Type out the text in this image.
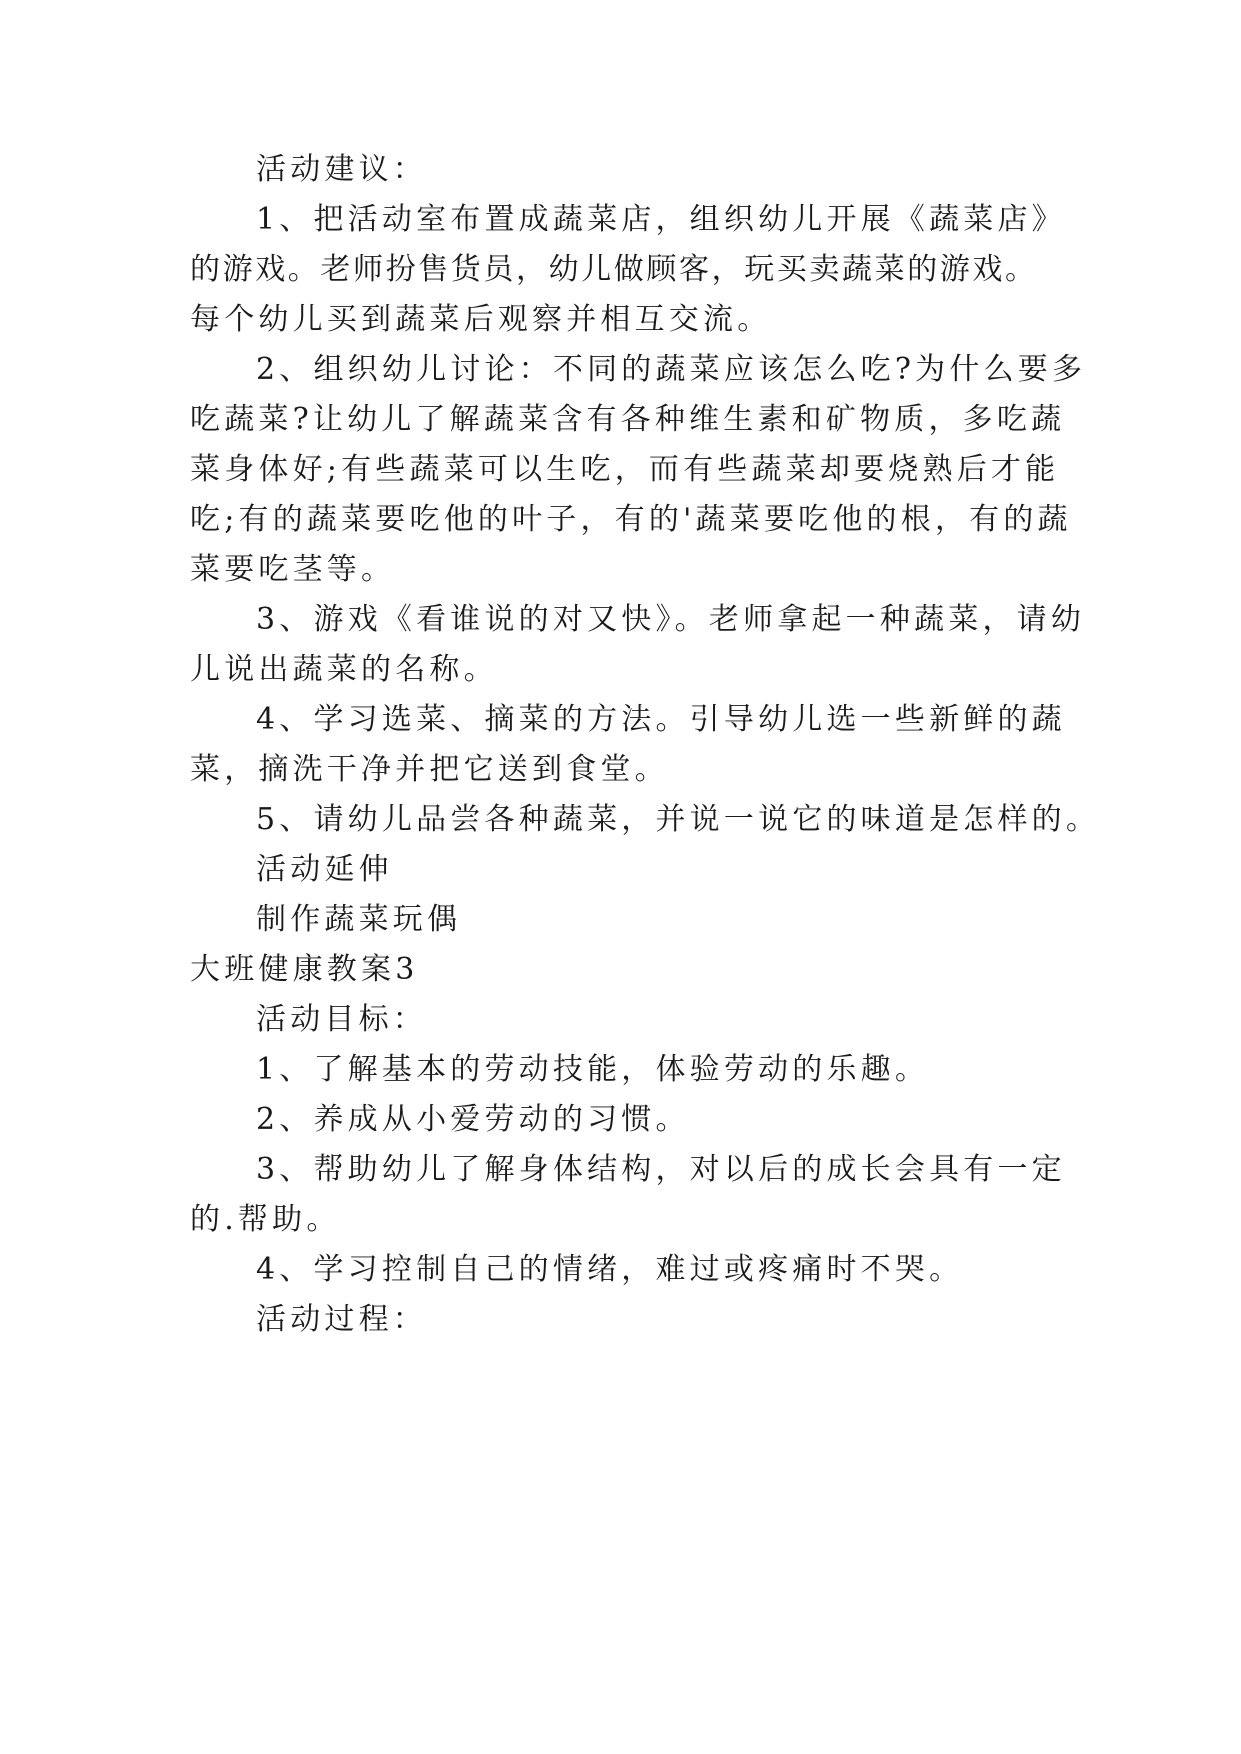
活动建议：
1、把活动室布置成蔬菜店，组织幼儿开展《蔬菜店》
的游戏。老师扮售货员，幼儿做顾客，玩买卖蔬菜的游戏。
每个幼儿买到蔬菜后观察并相互交流。
2、组织幼儿讨论：不同的蔬菜应该怎么吃?为什么要多
吃蔬菜?让幼儿了解蔬菜含有各种维生素和矿物质，多吃蔬
菜身体好;有些蔬菜可以生吃，而有些蔬菜却要烧熟后才能
吃;有的蔬菜要吃他的叶子，有的'蔬菜要吃他的根，有的蔬
菜要吃茎等。
3、游戏《看谁说的对又快》。老师拿起一种蔬菜，请幼
儿说出蔬菜的名称。
4、学习选菜、摘菜的方法。引导幼儿选一些新鲜的蔬
菜，摘洗干净并把它送到食堂。
5、请幼儿品尝各种蔬菜，并说一说它的味道是怎样的。
活动延伸
制作蔬菜玩偶
大班健康教案3
活动目标：
1、了解基本的劳动技能，体验劳动的乐趣。
2、养成从小爱劳动的习惯。
3、帮助幼儿了解身体结构，对以后的成长会具有一定
的.帮助。
4、学习控制自己的情绪，难过或疼痛时不哭。
活动过程：
